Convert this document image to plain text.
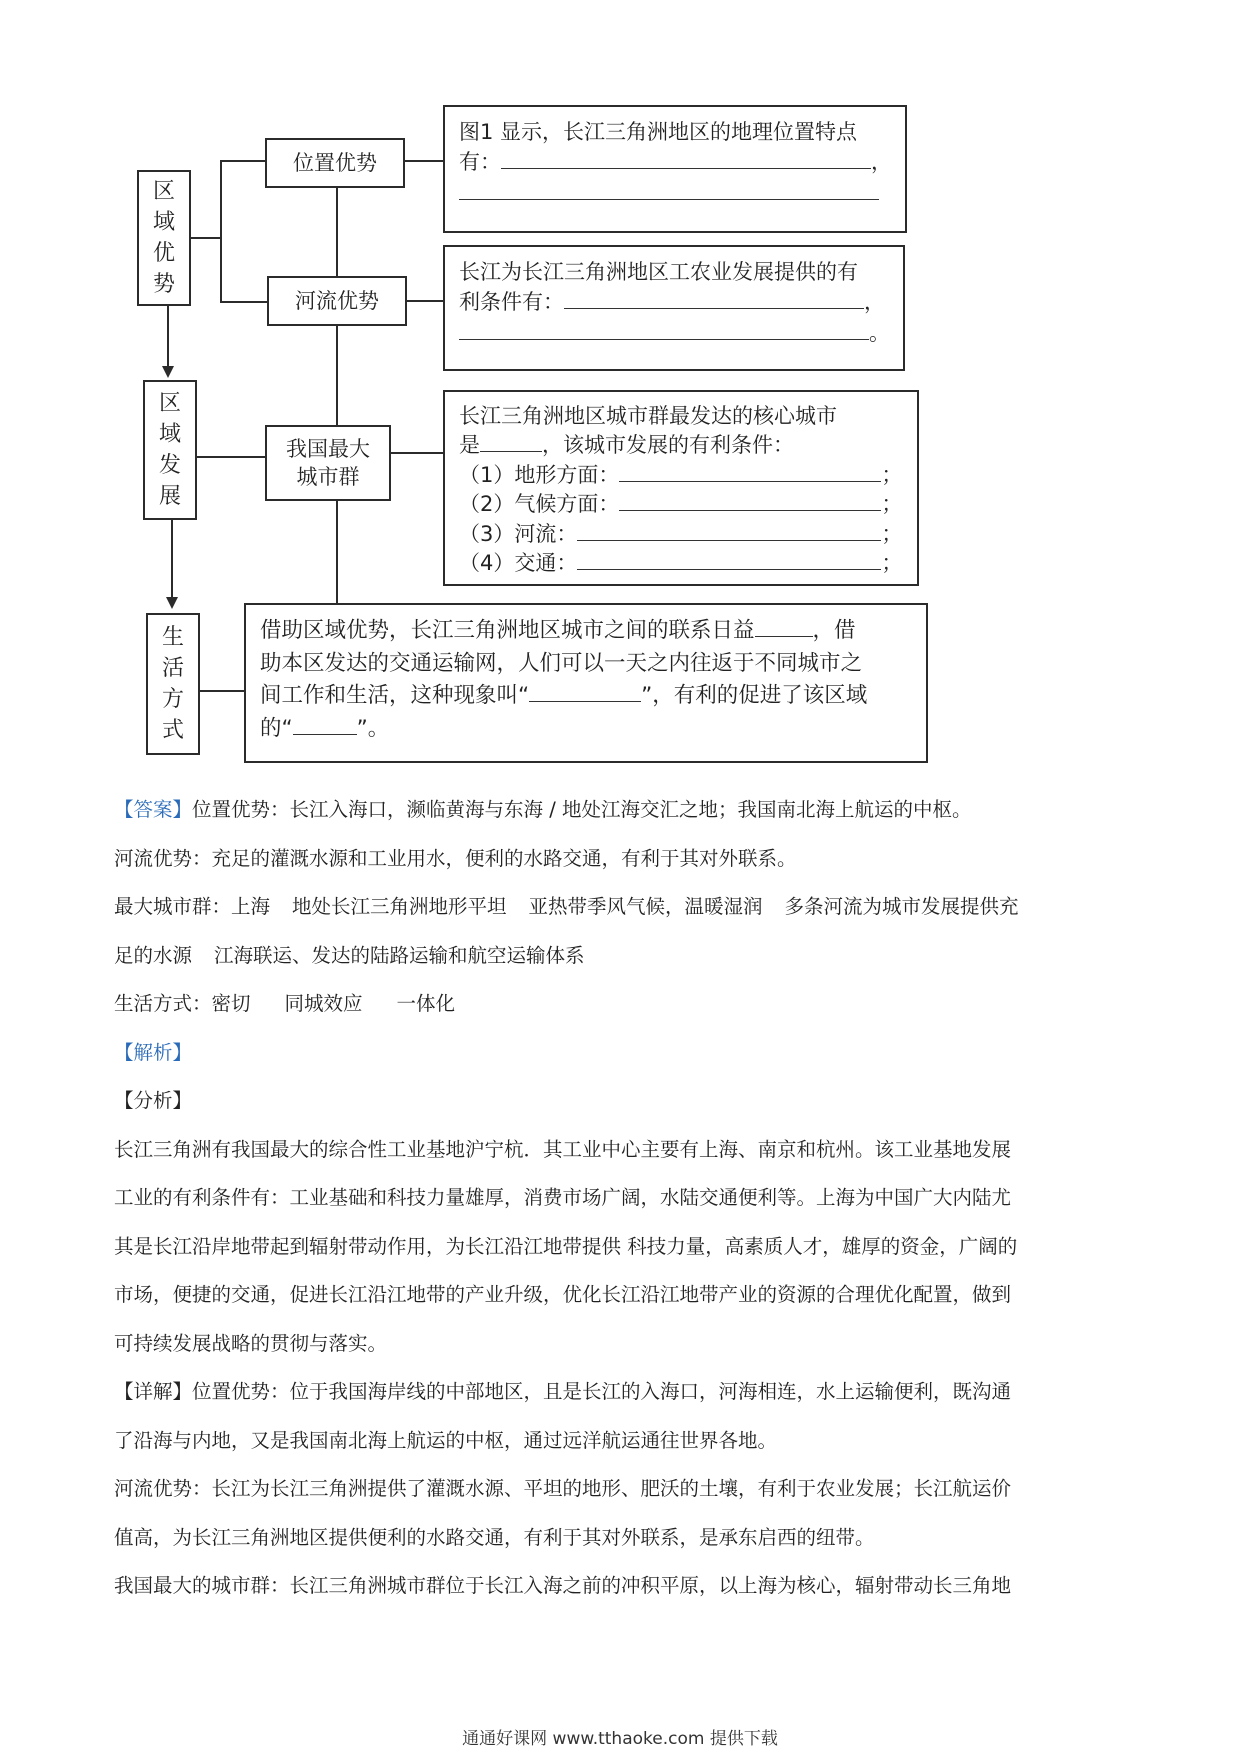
区
域
优
势
区
域
发
展
生
活
方
式
位置优势
河流优势
我国最大
城市群
图1 显示，长江三角洲地区的地理位置特点
有：	，
长江为长江三角洲地区工农业发展提供的有
利条件有：	，
。
长江三角洲地区城市群最发达的核心城市
是	，该城市发展的有利条件：
（1）地形方面：	；
（2）气候方面：	；
（3）河流：	；
（4）交通：	；
借助区域优势，长江三角洲地区城市之间的联系日益	，借
助本区发达的交通运输网，人们可以一天之内往返于不同城市之
间工作和生活，这种现象叫“	”，有利的促进了该区域
的“	”。

【答案】位置优势：长江入海口，濒临黄海与东海 / 地处江海交汇之地；我国南北海上航运的中枢。

河流优势：充足的灌溉水源和工业用水，便利的水路交通，有利于其对外联系。

最大城市群：上海 地处长江三角洲地形平坦 亚热带季风气候，温暖湿润 多条河流为城市发展提供充

足的水源 江海联运、发达的陆路运输和航空运输体系

生活方式：密切 同城效应 一体化

【解析】

【分析】

长江三角洲有我国最大的综合性工业基地沪宁杭．其工业中心主要有上海、南京和杭州。该工业基地发展

工业的有利条件有：工业基础和科技力量雄厚，消费市场广阔，水陆交通便利等。上海为中国广大内陆尤

其是长江沿岸地带起到辐射带动作用，为长江沿江地带提供 科技力量，高素质人才，雄厚的资金，广阔的

市场，便捷的交通，促进长江沿江地带的产业升级，优化长江沿江地带产业的资源的合理优化配置，做到

可持续发展战略的贯彻与落实。

【详解】位置优势：位于我国海岸线的中部地区，且是长江的入海口，河海相连，水上运输便利，既沟通

了沿海与内地，又是我国南北海上航运的中枢，通过远洋航运通往世界各地。

河流优势：长江为长江三角洲提供了灌溉水源、平坦的地形、肥沃的土壤，有利于农业发展；长江航运价

值高，为长江三角洲地区提供便利的水路交通，有利于其对外联系，是承东启西的纽带。

我国最大的城市群：长江三角洲城市群位于长江入海之前的冲积平原，以上海为核心，辐射带动长三角地

通通好课网 www.tthaoke.com 提供下载
